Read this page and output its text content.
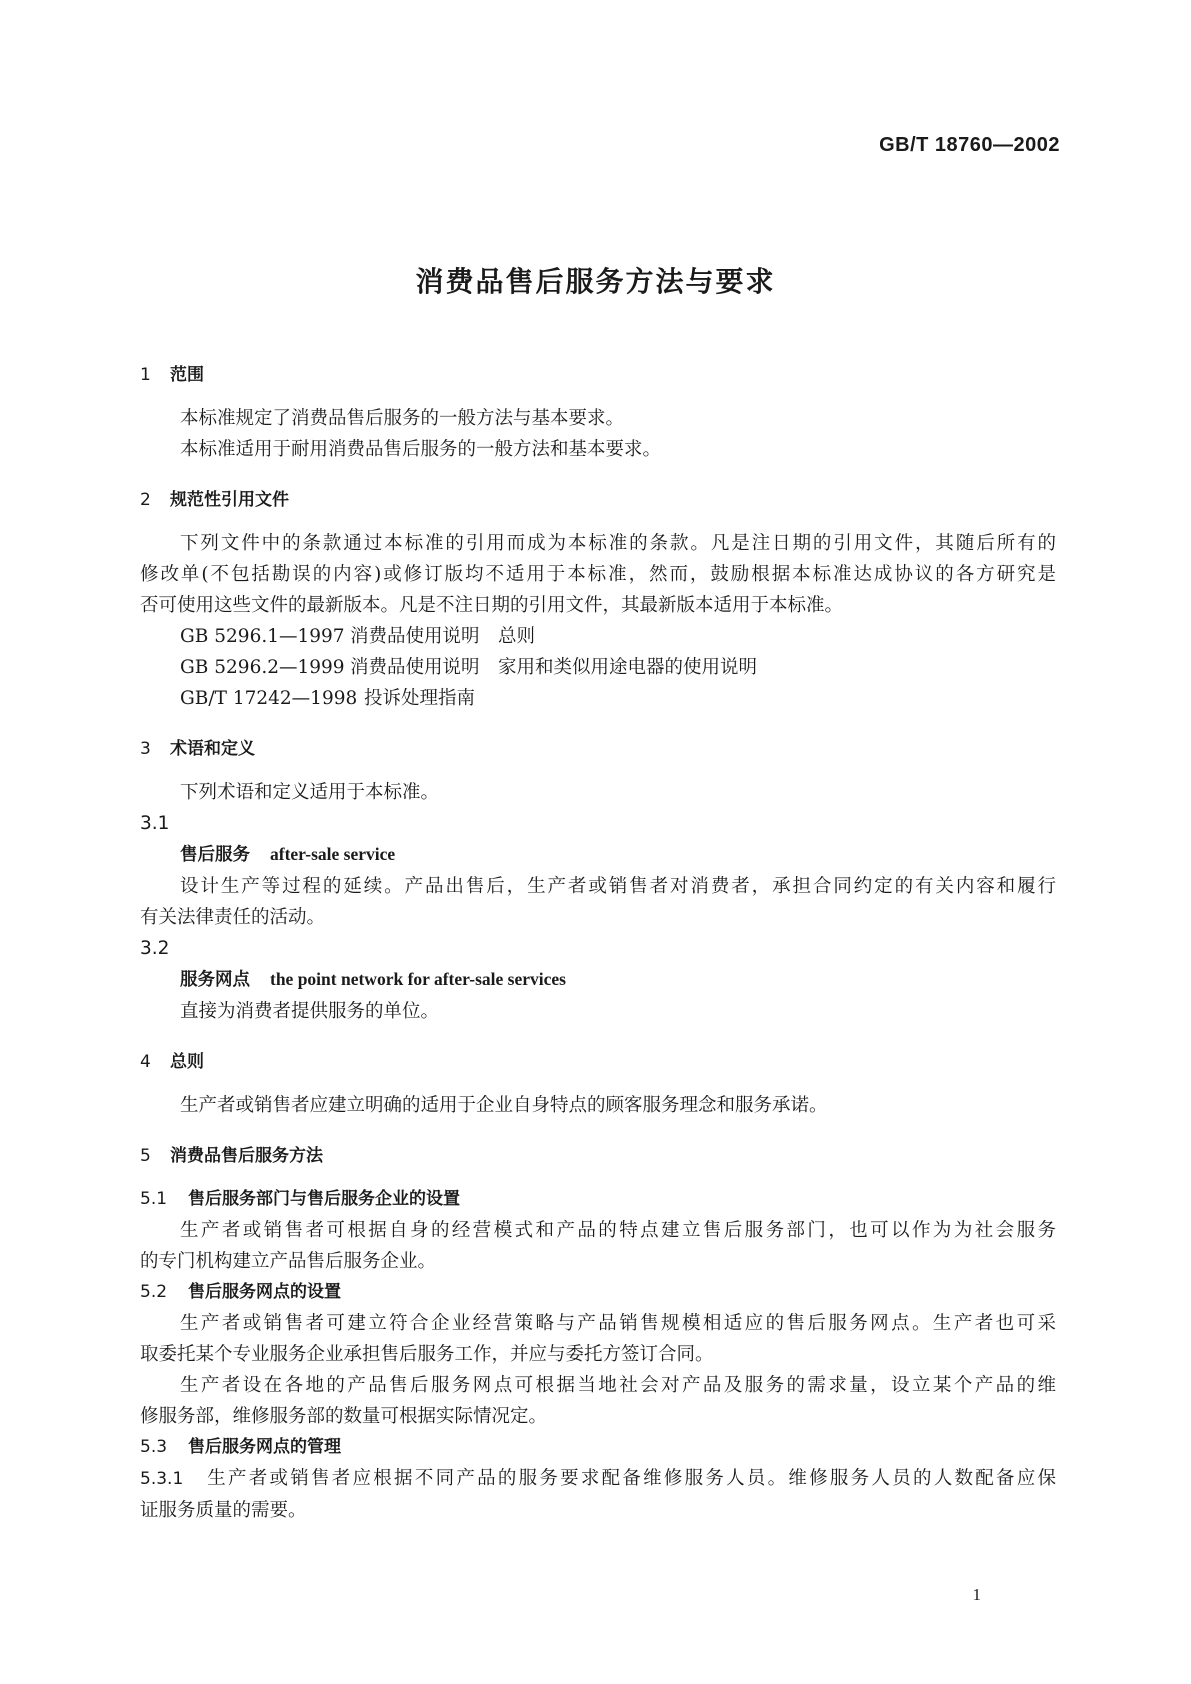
GB/T 18760—2002
消费品售后服务方法与要求
1 范围
本标准规定了消费品售后服务的一般方法与基本要求。
本标准适用于耐用消费品售后服务的一般方法和基本要求。
2 规范性引用文件
下列文件中的条款通过本标准的引用而成为本标准的条款。凡是注日期的引用文件，其随后所有的
修改单(不包括勘误的内容)或修订版均不适用于本标准，然而，鼓励根据本标准达成协议的各方研究是
否可使用这些文件的最新版本。凡是不注日期的引用文件，其最新版本适用于本标准。
GB 5296.1—1997 消费品使用说明　总则
GB 5296.2—1999 消费品使用说明　家用和类似用途电器的使用说明
GB/T 17242—1998 投诉处理指南
3 术语和定义
下列术语和定义适用于本标准。
3.1
售后服务 after-sale service
设计生产等过程的延续。产品出售后，生产者或销售者对消费者，承担合同约定的有关内容和履行
有关法律责任的活动。
3.2
服务网点 the point network for after-sale services
直接为消费者提供服务的单位。
4 总则
生产者或销售者应建立明确的适用于企业自身特点的顾客服务理念和服务承诺。
5 消费品售后服务方法
5.1 售后服务部门与售后服务企业的设置
生产者或销售者可根据自身的经营模式和产品的特点建立售后服务部门，也可以作为为社会服务
的专门机构建立产品售后服务企业。
5.2 售后服务网点的设置
生产者或销售者可建立符合企业经营策略与产品销售规模相适应的售后服务网点。生产者也可采
取委托某个专业服务企业承担售后服务工作，并应与委托方签订合同。
生产者设在各地的产品售后服务网点可根据当地社会对产品及服务的需求量，设立某个产品的维
修服务部，维修服务部的数量可根据实际情况定。
5.3 售后服务网点的管理
5.3.1 生产者或销售者应根据不同产品的服务要求配备维修服务人员。维修服务人员的人数配备应保
证服务质量的需要。
1
